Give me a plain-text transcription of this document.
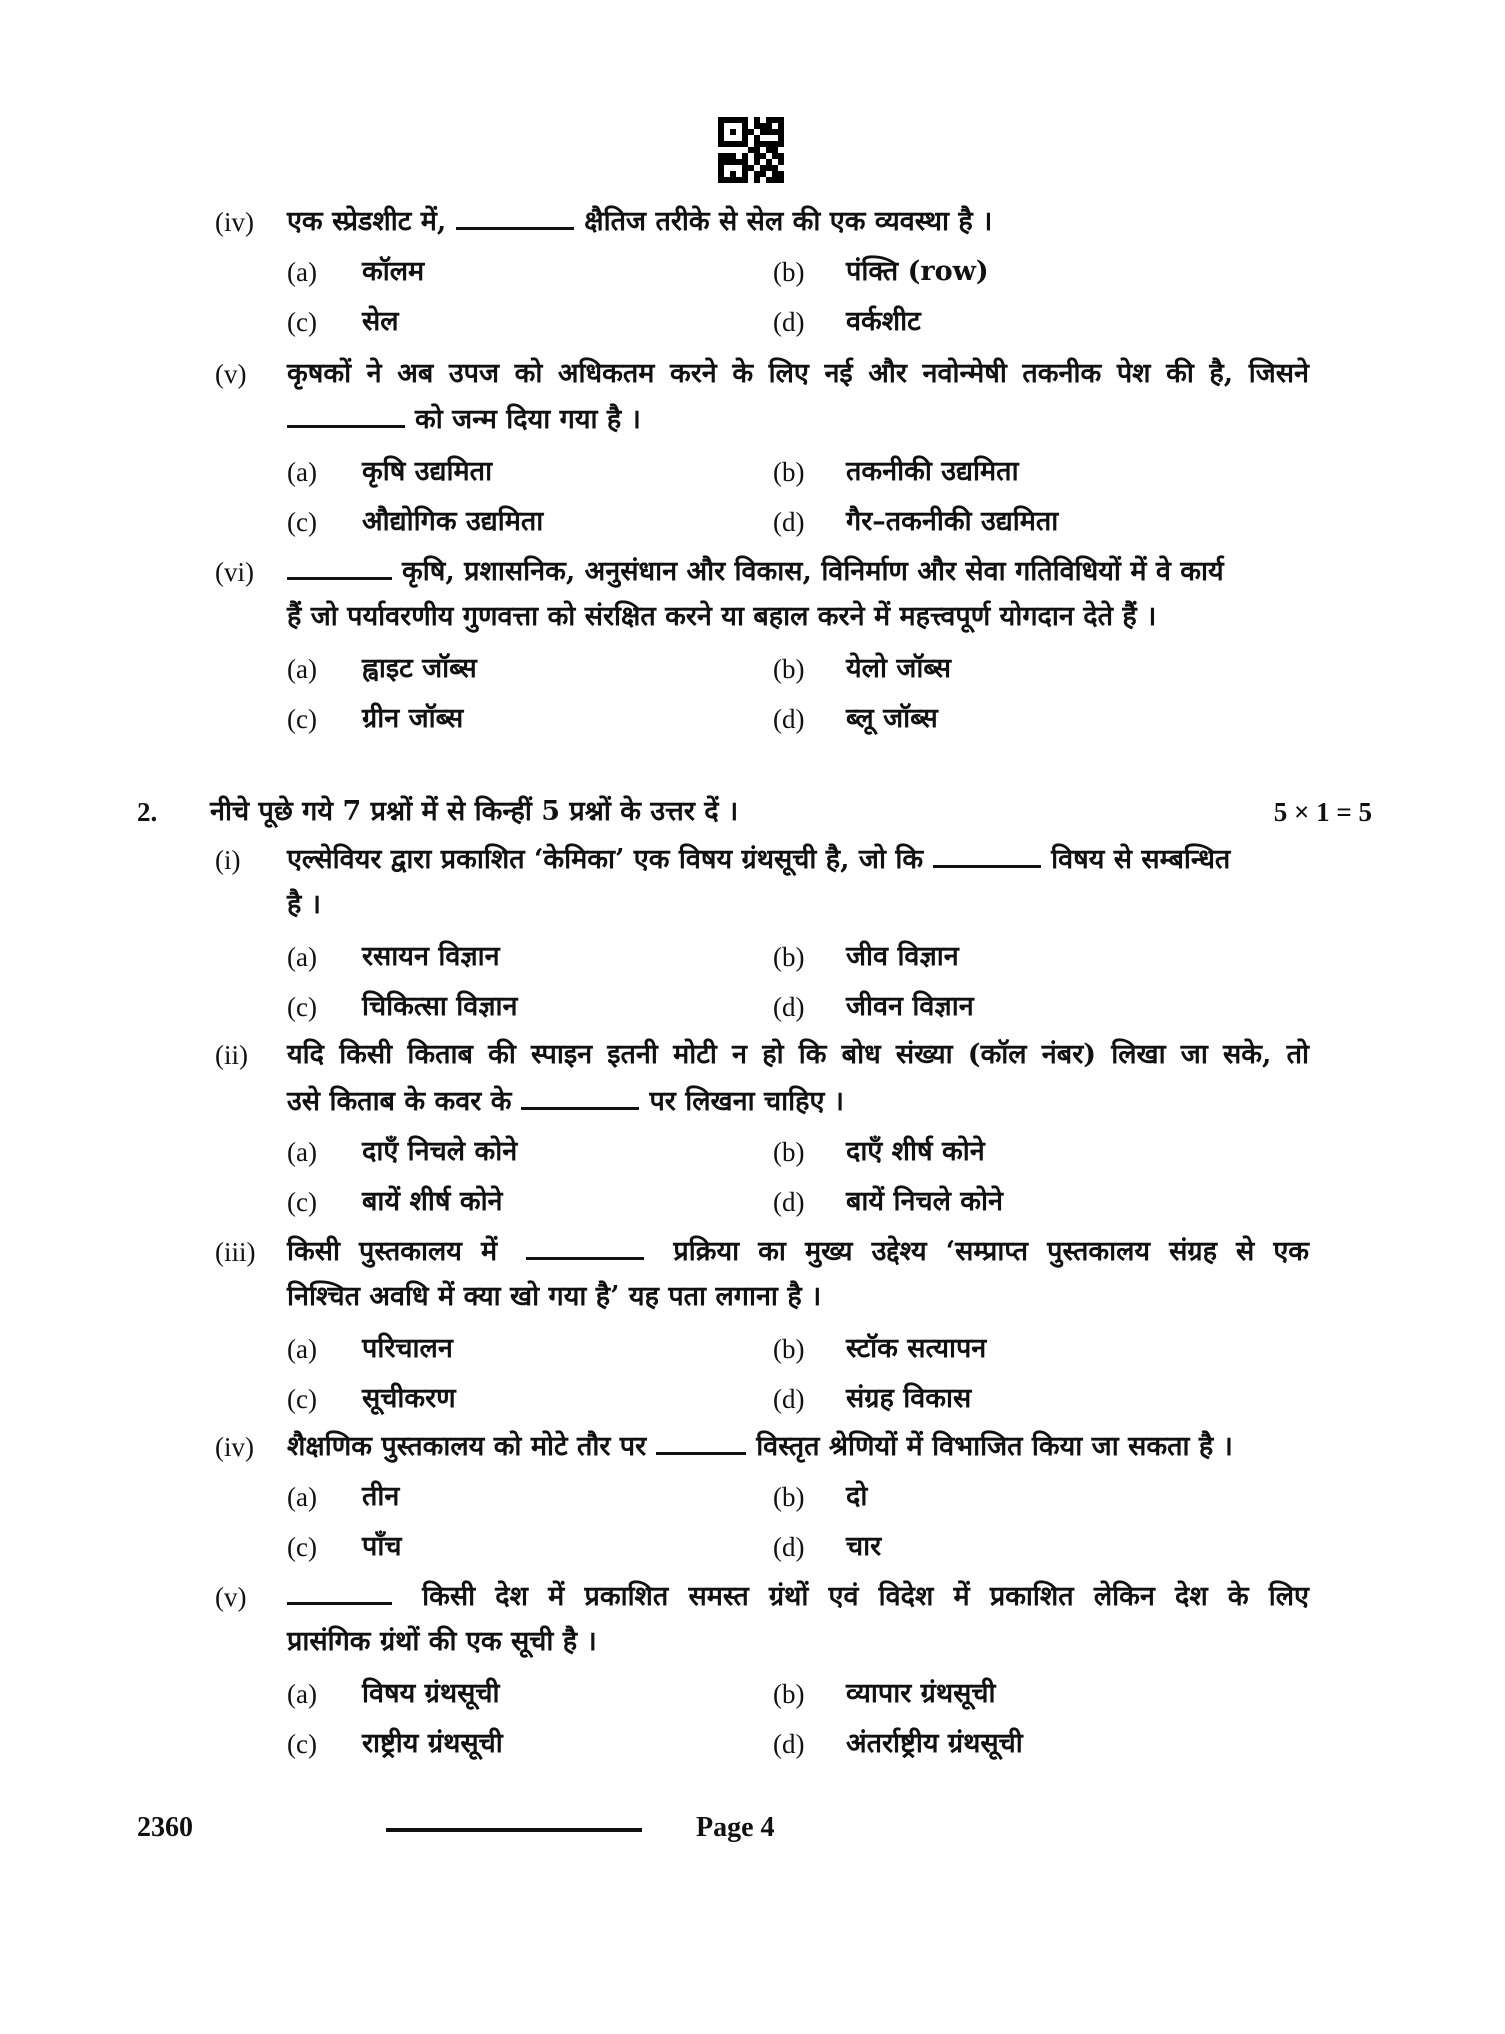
(iv) एक स्प्रेडशीट में,	क्षैतिज तरीके से सेल की एक व्यवस्था है ।
(a) कॉलम	(b) पंक्ति (row)
(c) सेल	(d) वर्कशीट
(v) कृषकों ने अब उपज को अधिकतम करने के लिए नई और नवोन्मेषी तकनीक पेश की है, जिसने
को जन्म दिया गया है ।
(a) कृषि उद्यमिता	(b) तकनीकी उद्यमिता
(c) औद्योगिक उद्यमिता	(d) गैर–तकनीकी उद्यमिता
(vi)	कृषि, प्रशासनिक, अनुसंधान और विकास, विनिर्माण और सेवा गतिविधियों में वे कार्य
हैं जो पर्यावरणीय गुणवत्ता को संरक्षित करने या बहाल करने में महत्त्वपूर्ण योगदान देते हैं ।
(a) ह्वाइट जॉब्स	(b) येलो जॉब्स
(c) ग्रीन जॉब्स	(d) ब्लू जॉब्स
2. नीचे पूछे गये 7 प्रश्नों में से किन्हीं 5 प्रश्नों के उत्तर दें ।	5 × 1 = 5
(i) एल्सेवियर द्वारा प्रकाशित ‘केमिका’ एक विषय ग्रंथसूची है, जो कि	विषय से सम्बन्धित
है ।
(a) रसायन विज्ञान	(b) जीव विज्ञान
(c) चिकित्सा विज्ञान	(d) जीवन विज्ञान
(ii) यदि किसी किताब की स्पाइन इतनी मोटी न हो कि बोध संख्या (कॉल नंबर) लिखा जा सके, तो
उसे किताब के कवर के	पर लिखना चाहिए ।
(a) दाएँ निचले कोने	(b) दाएँ शीर्ष कोने
(c) बायें शीर्ष कोने	(d) बायें निचले कोने
(iii) किसी पुस्तकालय में	प्रक्रिया का मुख्य उद्देश्य ‘सम्प्राप्त पुस्तकालय संग्रह से एक
निश्चित अवधि में क्या खो गया है’ यह पता लगाना है ।
(a) परिचालन	(b) स्टॉक सत्यापन
(c) सूचीकरण	(d) संग्रह विकास
(iv) शैक्षणिक पुस्तकालय को मोटे तौर पर	विस्तृत श्रेणियों में विभाजित किया जा सकता है ।
(a) तीन	(b) दो
(c) पाँच	(d) चार
(v)	किसी देश में प्रकाशित समस्त ग्रंथों एवं विदेश में प्रकाशित लेकिन देश के लिए
प्रासंगिक ग्रंथों की एक सूची है ।
(a) विषय ग्रंथसूची	(b) व्यापार ग्रंथसूची
(c) राष्ट्रीय ग्रंथसूची	(d) अंतर्राष्ट्रीय ग्रंथसूची
2360	Page 4
